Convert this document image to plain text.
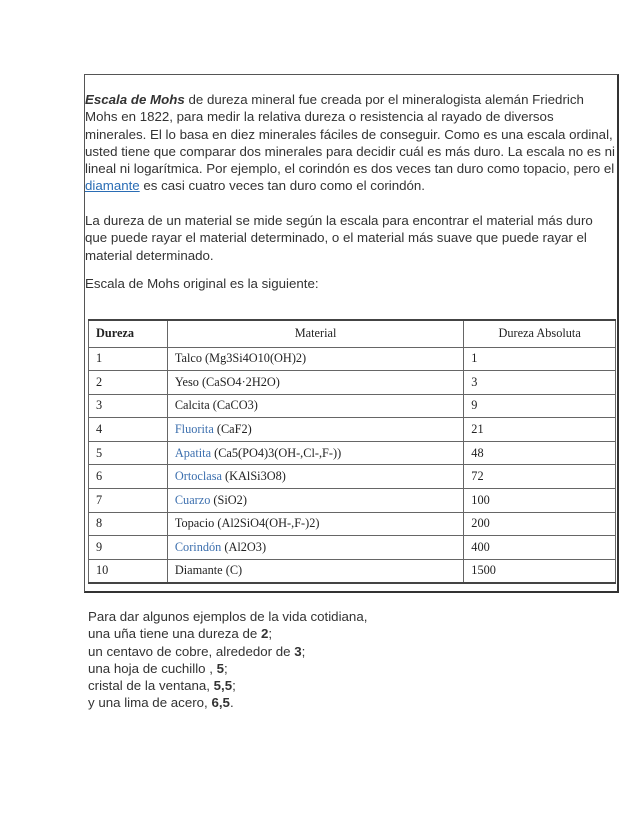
Escala de Mohs de dureza mineral fue creada por el mineralogista alemán Friedrich Mohs en 1822, para medir la relativa dureza o resistencia al rayado de diversos minerales. El lo basa en diez minerales fáciles de conseguir. Como es una escala ordinal, usted tiene que comparar dos minerales para decidir cuál es más duro. La escala no es ni lineal ni logarítmica. Por ejemplo, el corindón es dos veces tan duro como topacio, pero el diamante es casi cuatro veces tan duro como el corindón.

La dureza de un material se mide según la escala para encontrar el material más duro que puede rayar el material determinado, o el material más suave que puede rayar el material determinado.

Escala de Mohs original es la siguiente:

Dureza	Material	Dureza Absoluta
1	Talco (Mg3Si4O10(OH)2)	1
2	Yeso (CaSO4·2H2O)	3
3	Calcita (CaCO3)	9
4	Fluorita (CaF2)	21
5	Apatita (Ca5(PO4)3(OH-,Cl-,F-))	48
6	Ortoclasa (KAlSi3O8)	72
7	Cuarzo (SiO2)	100
8	Topacio (Al2SiO4(OH-,F-)2)	200
9	Corindón (Al2O3)	400
10	Diamante (C)	1500
Para dar algunos ejemplos de la vida cotidiana,
una uña tiene una dureza de 2;
un centavo de cobre, alrededor de 3;
una hoja de cuchillo , 5;
cristal de la ventana, 5,5;
y una lima de acero, 6,5.
